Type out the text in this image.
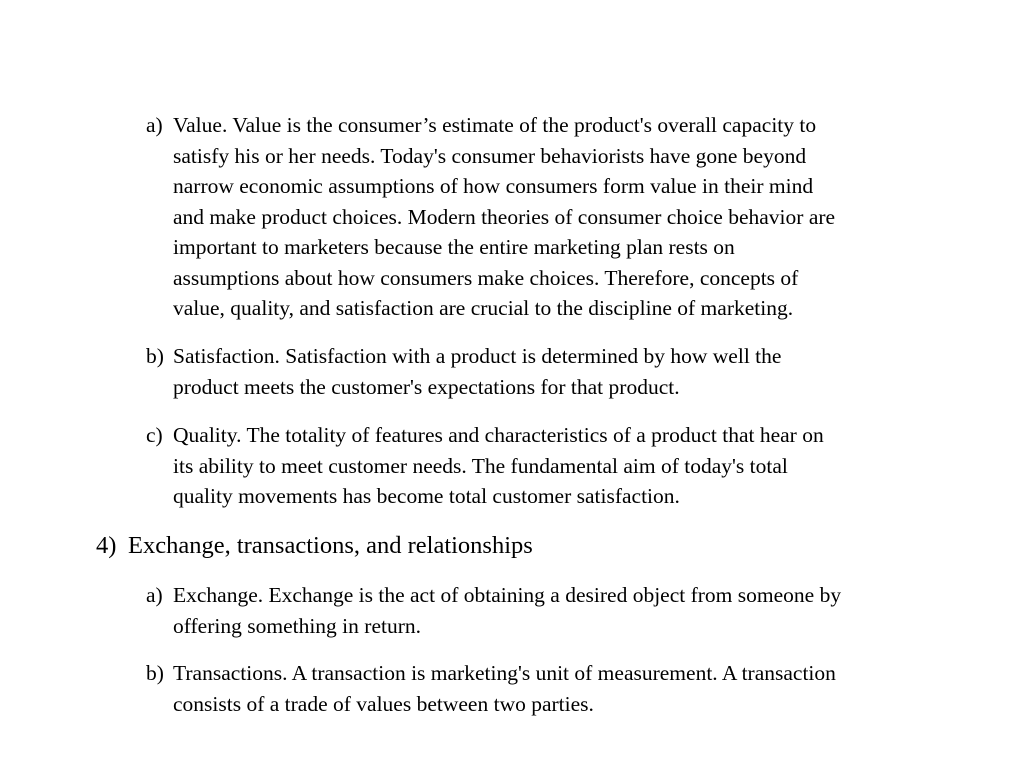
a) Value. Value is the consumer’s estimate of the product's overall capacity to
satisfy his or her needs. Today's consumer behaviorists have gone beyond
narrow economic assumptions of how consumers form value in their mind
and make product choices. Modern theories of consumer choice behavior are
important to marketers because the entire marketing plan rests on
assumptions about how consumers make choices. Therefore, concepts of
value, quality, and satisfaction are crucial to the discipline of marketing.
b) Satisfaction. Satisfaction with a product is determined by how well the
product meets the customer's expectations for that product.
c) Quality. The totality of features and characteristics of a product that hear on
its ability to meet customer needs. The fundamental aim of today's total
quality movements has become total customer satisfaction.
4) Exchange, transactions, and relationships
a) Exchange. Exchange is the act of obtaining a desired object from someone by
offering something in return.
b) Transactions. A transaction is marketing's unit of measurement. A transaction
consists of a trade of values between two parties.
